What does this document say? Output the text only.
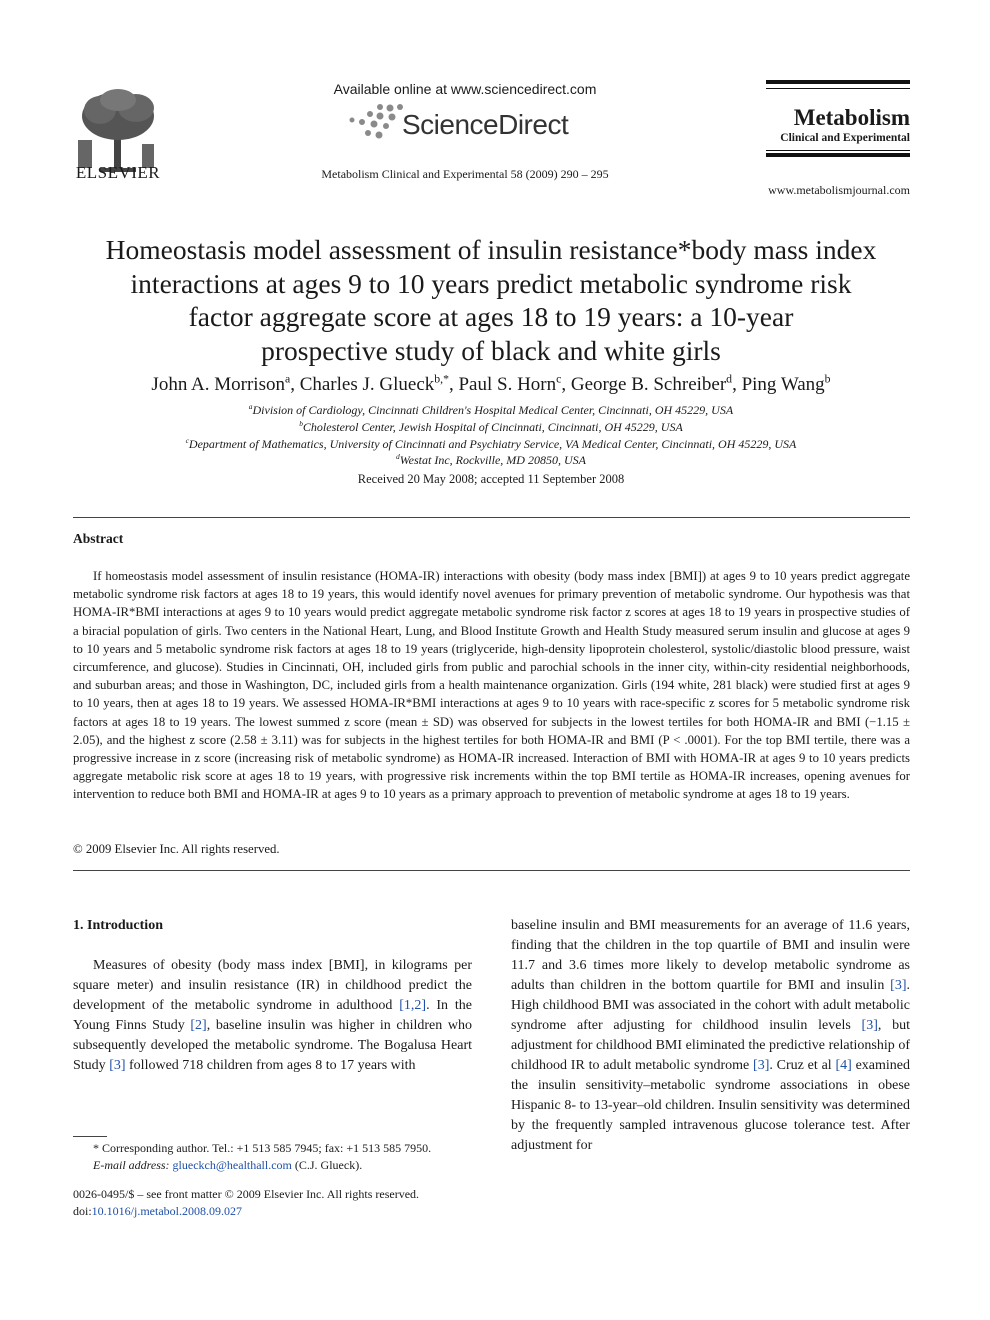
ELSEVIER
Available online at www.sciencedirect.com
ScienceDirect
Metabolism Clinical and Experimental 58 (2009) 290 – 295
Metabolism
Clinical and Experimental
www.metabolismjournal.com
Homeostasis model assessment of insulin resistance*body mass index
interactions at ages 9 to 10 years predict metabolic syndrome risk
factor aggregate score at ages 18 to 19 years: a 10-year
prospective study of black and white girls
John A. Morrison$^a$, Charles J. Glueck$^{b,*}$, Paul S. Horn$^c$, George B. Schreiber$^d$, Ping Wang$^b$
$^a$Division of Cardiology, Cincinnati Children's Hospital Medical Center, Cincinnati, OH 45229, USA
$^b$Cholesterol Center, Jewish Hospital of Cincinnati, Cincinnati, OH 45229, USA
$^c$Department of Mathematics, University of Cincinnati and Psychiatry Service, VA Medical Center, Cincinnati, OH 45229, USA
$^d$Westat Inc, Rockville, MD 20850, USA
Received 20 May 2008; accepted 11 September 2008
Abstract
If homeostasis model assessment of insulin resistance (HOMA-IR) interactions with obesity (body mass index [BMI]) at ages 9 to 10 years predict aggregate metabolic syndrome risk factors at ages 18 to 19 years, this would identify novel avenues for primary prevention of metabolic syndrome. Our hypothesis was that HOMA-IR*BMI interactions at ages 9 to 10 years would predict aggregate metabolic syndrome risk factor z scores at ages 18 to 19 years in prospective studies of a biracial population of girls. Two centers in the National Heart, Lung, and Blood Institute Growth and Health Study measured serum insulin and glucose at ages 9 to 10 years and 5 metabolic syndrome risk factors at ages 18 to 19 years (triglyceride, high-density lipoprotein cholesterol, systolic/diastolic blood pressure, waist circumference, and glucose). Studies in Cincinnati, OH, included girls from public and parochial schools in the inner city, within-city residential neighborhoods, and suburban areas; and those in Washington, DC, included girls from a health maintenance organization. Girls (194 white, 281 black) were studied first at ages 9 to 10 years, then at ages 18 to 19 years. We assessed HOMA-IR*BMI interactions at ages 9 to 10 years with race-specific z scores for 5 metabolic syndrome risk factors at ages 18 to 19 years. The lowest summed z score (mean ± SD) was observed for subjects in the lowest tertiles for both HOMA-IR and BMI (−1.15 ± 2.05), and the highest z score (2.58 ± 3.11) was for subjects in the highest tertiles for both HOMA-IR and BMI (P < .0001). For the top BMI tertile, there was a progressive increase in z score (increasing risk of metabolic syndrome) as HOMA-IR increased. Interaction of BMI with HOMA-IR at ages 9 to 10 years predicts aggregate metabolic risk score at ages 18 to 19 years, with progressive risk increments within the top BMI tertile as HOMA-IR increases, opening avenues for intervention to reduce both BMI and HOMA-IR at ages 9 to 10 years as a primary approach to prevention of metabolic syndrome at ages 18 to 19 years.
© 2009 Elsevier Inc. All rights reserved.
1. Introduction
Measures of obesity (body mass index [BMI], in kilograms per square meter) and insulin resistance (IR) in childhood predict the development of the metabolic syndrome in adulthood [1,2]. In the Young Finns Study [2], baseline insulin was higher in children who subsequently developed the metabolic syndrome. The Bogalusa Heart Study [3] followed 718 children from ages 8 to 17 years with
baseline insulin and BMI measurements for an average of 11.6 years, finding that the children in the top quartile of BMI and insulin were 11.7 and 3.6 times more likely to develop metabolic syndrome as adults than children in the bottom quartile for BMI and insulin [3]. High childhood BMI was associated in the cohort with adult metabolic syndrome after adjusting for childhood insulin levels [3], but adjustment for childhood BMI eliminated the predictive relationship of childhood IR to adult metabolic syndrome [3]. Cruz et al [4] examined the insulin sensitivity–metabolic syndrome associations in obese Hispanic 8- to 13-year–old children. Insulin sensitivity was determined by the frequently sampled intravenous glucose tolerance test. After adjustment for
* Corresponding author. Tel.: +1 513 585 7945; fax: +1 513 585 7950.
E-mail address: glueckch@healthall.com (C.J. Glueck).
0026-0495/$ – see front matter © 2009 Elsevier Inc. All rights reserved.
doi:10.1016/j.metabol.2008.09.027
